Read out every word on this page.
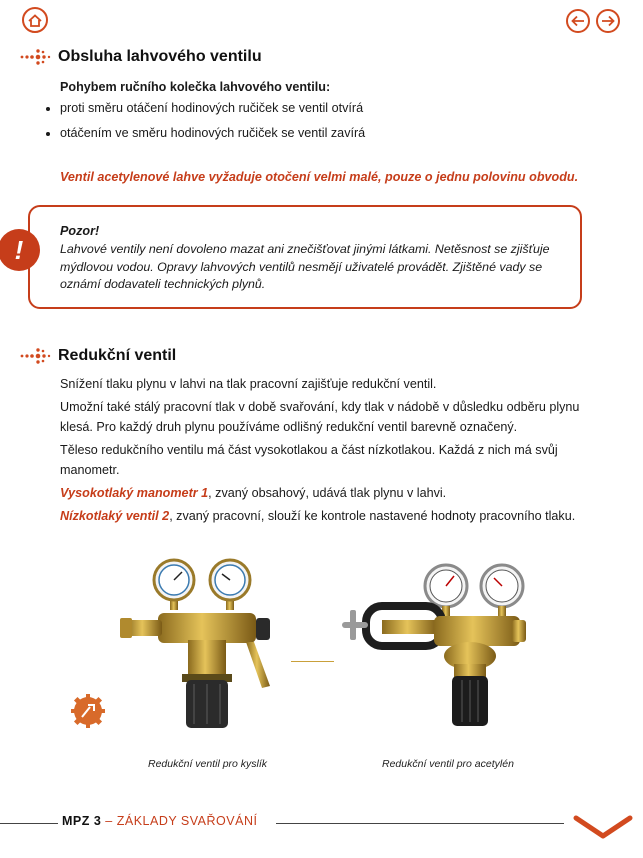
Obsluha lahvového ventilu
Pohybem ručního kolečka lahvového ventilu:
• proti směru otáčení hodinových ručiček se ventil otvírá
• otáčením ve směru hodinových ručiček se ventil zavírá
Ventil acetylenové lahve vyžaduje otočení velmi malé, pouze o jednu polovinu obvodu.
!
Pozor!
Lahvové ventily není dovoleno mazat ani znečišťovat jinými látkami. Netěsnost se zjišťuje mýdlovou vodou. Opravy lahvových ventilů nesmějí uživatelé provádět. Zjištěné vady se oznámí dodavateli technických plynů.
Redukční ventil

Snížení tlaku plynu v lahvi na tlak pracovní zajišťuje redukční ventil.

Umožní také stálý pracovní tlak v době svařování, kdy tlak v nádobě v důsledku odběru plynu klesá. Pro každý druh plynu používáme odlišný redukční ventil barevně označený.

Těleso redukčního ventilu má část vysokotlakou a část nízkotlakou. Každá z nich má svůj manometr.

Vysokotlaký manometr 1, zvaný obsahový, udává tlak plynu v lahvi.

Nízkotlaký ventil 2, zvaný pracovní, slouží ke kontrole nastavené hodnoty pracovního tlaku.

Redukční ventil pro kyslík	Redukční ventil pro acetylén
MPZ 3 – ZÁKLADY SVAŘOVÁNÍ
